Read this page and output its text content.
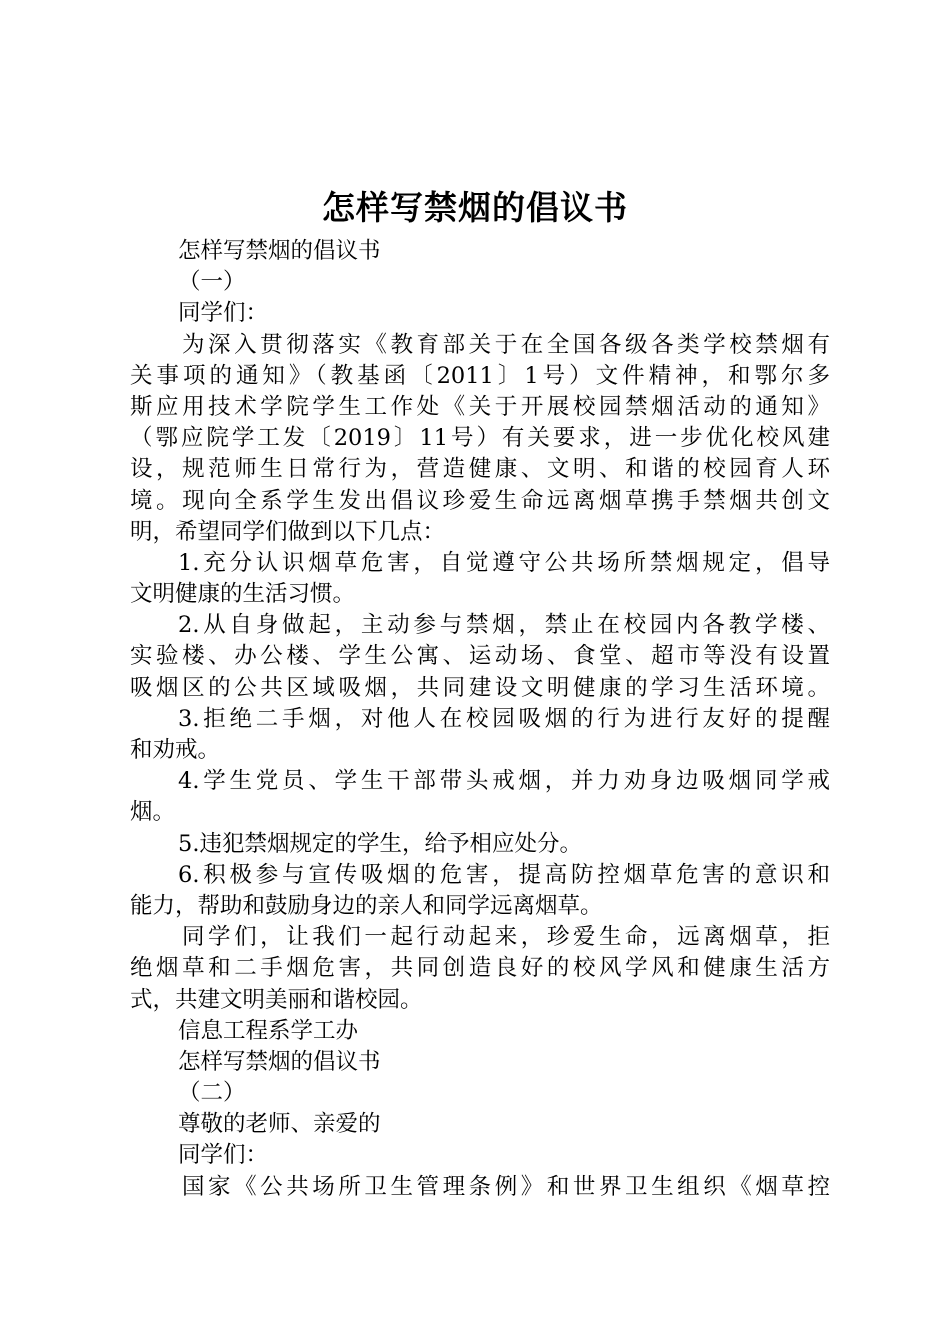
怎样写禁烟的倡议书
怎样写禁烟的倡议书
（一）
同学们：
为深入贯彻落实《教育部关于在全国各级各类学校禁烟有
关事项的通知》（教基函〔2011〕1号）文件精神，和鄂尔多
斯应用技术学院学生工作处《关于开展校园禁烟活动的通知》
（鄂应院学工发〔2019〕11号）有关要求，进一步优化校风建
设，规范师生日常行为，营造健康、文明、和谐的校园育人环
境。现向全系学生发出倡议珍爱生命远离烟草携手禁烟共创文
明，希望同学们做到以下几点：
1.充分认识烟草危害，自觉遵守公共场所禁烟规定，倡导
文明健康的生活习惯。
2.从自身做起，主动参与禁烟，禁止在校园内各教学楼、
实验楼、办公楼、学生公寓、运动场、食堂、超市等没有设置
吸烟区的公共区域吸烟，共同建设文明健康的学习生活环境。
3.拒绝二手烟，对他人在校园吸烟的行为进行友好的提醒
和劝戒。
4.学生党员、学生干部带头戒烟，并力劝身边吸烟同学戒
烟。
5.违犯禁烟规定的学生，给予相应处分。
6.积极参与宣传吸烟的危害，提高防控烟草危害的意识和
能力，帮助和鼓励身边的亲人和同学远离烟草。
同学们，让我们一起行动起来，珍爱生命，远离烟草，拒
绝烟草和二手烟危害，共同创造良好的校风学风和健康生活方
式，共建文明美丽和谐校园。
信息工程系学工办
怎样写禁烟的倡议书
（二）
尊敬的老师、亲爱的
同学们：
国家《公共场所卫生管理条例》和世界卫生组织《烟草控
